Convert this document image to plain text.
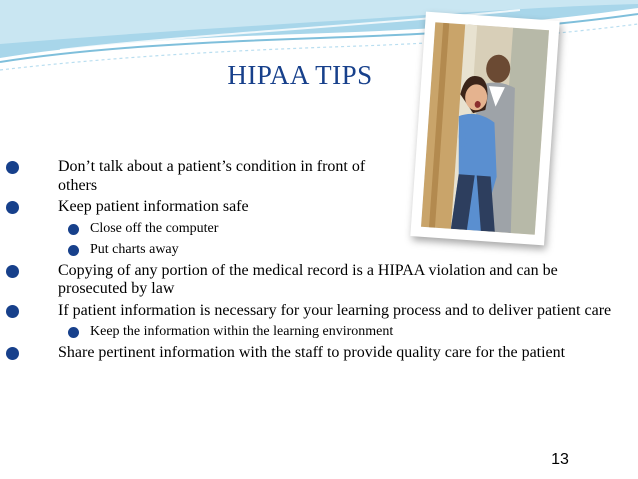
HIPAA TIPS
Don’t talk about a patient’s condition in front of others
Keep patient information safe
Close off the computer
Put charts away
Copying of any portion of the medical record is a HIPAA violation and can be prosecuted by law
If patient information is necessary for your learning process and to deliver patient care
Keep the information within the learning environment
Share pertinent information with the staff to provide quality care for the patient
13
